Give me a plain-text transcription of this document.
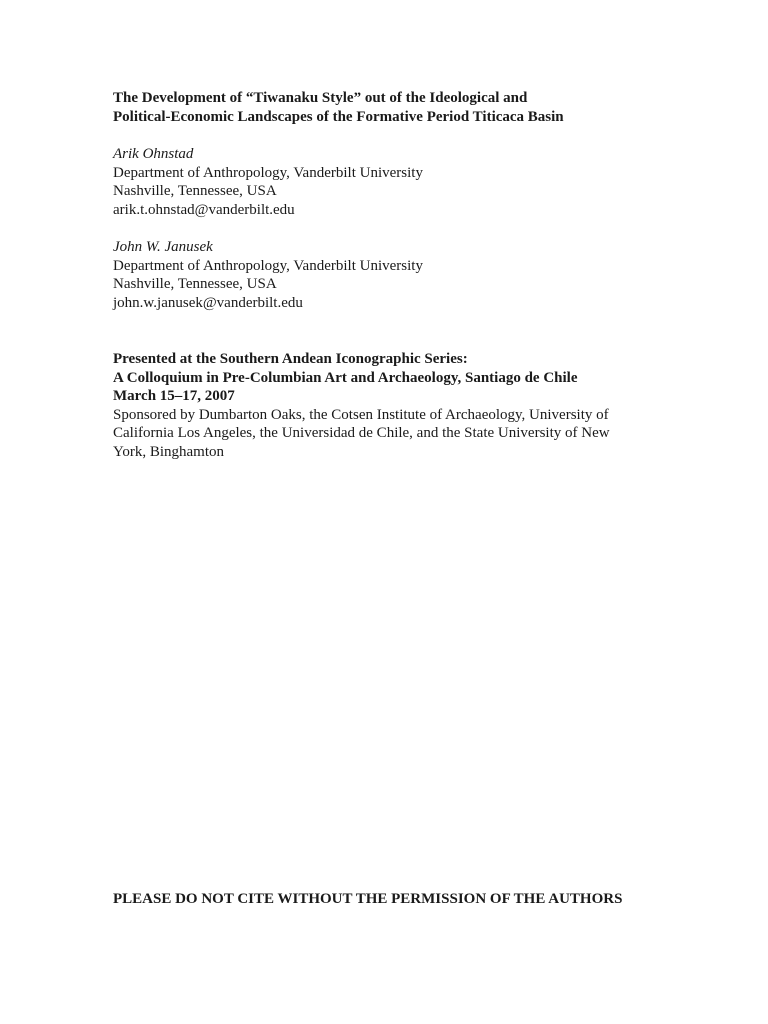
The Development of “Tiwanaku Style” out of the Ideological and
Political-Economic Landscapes of the Formative Period Titicaca Basin
Arik Ohnstad
Department of Anthropology, Vanderbilt University
Nashville, Tennessee, USA
arik.t.ohnstad@vanderbilt.edu
John W. Janusek
Department of Anthropology, Vanderbilt University
Nashville, Tennessee, USA
john.w.janusek@vanderbilt.edu
Presented at the Southern Andean Iconographic Series:
A Colloquium in Pre-Columbian Art and Archaeology, Santiago de Chile
March 15–17, 2007
Sponsored by Dumbarton Oaks, the Cotsen Institute of Archaeology, University of California Los Angeles, the Universidad de Chile, and the State University of New York, Binghamton
PLEASE DO NOT CITE WITHOUT THE PERMISSION OF THE AUTHORS
